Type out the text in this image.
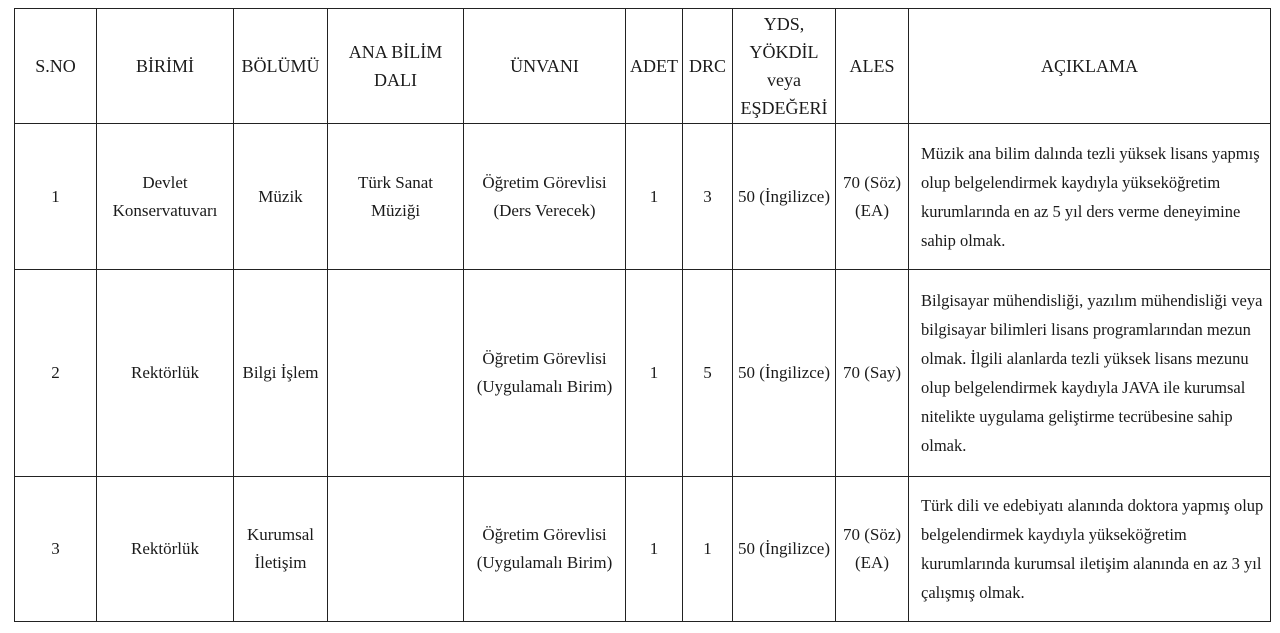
S.NO	BİRİMİ	BÖLÜMÜ	ANA BİLİM DALI	ÜNVANI	ADET	DRC	YDS, YÖKDİL veya EŞDEĞERİ	ALES	AÇIKLAMA
1	Devlet Konservatuvarı	Müzik	Türk Sanat Müziği	Öğretim Görevlisi (Ders Verecek)	1	3	50 (İngilizce)	70 (Söz) (EA)	Müzik ana bilim dalında tezli yüksek lisans yapmış olup belgelendirmek kaydıyla yükseköğretim kurumlarında en az 5 yıl ders verme deneyimine sahip olmak.
2	Rektörlük	Bilgi İşlem		Öğretim Görevlisi (Uygulamalı Birim)	1	5	50 (İngilizce)	70 (Say)	Bilgisayar mühendisliği, yazılım mühendisliği veya bilgisayar bilimleri lisans programlarından mezun olmak. İlgili alanlarda tezli yüksek lisans mezunu olup belgelendirmek kaydıyla JAVA ile kurumsal nitelikte uygulama geliştirme tecrübesine sahip olmak.
3	Rektörlük	Kurumsal İletişim		Öğretim Görevlisi (Uygulamalı Birim)	1	1	50 (İngilizce)	70 (Söz) (EA)	Türk dili ve edebiyatı alanında doktora yapmış olup belgelendirmek kaydıyla yükseköğretim kurumlarında kurumsal iletişim alanında en az 3 yıl çalışmış olmak.
